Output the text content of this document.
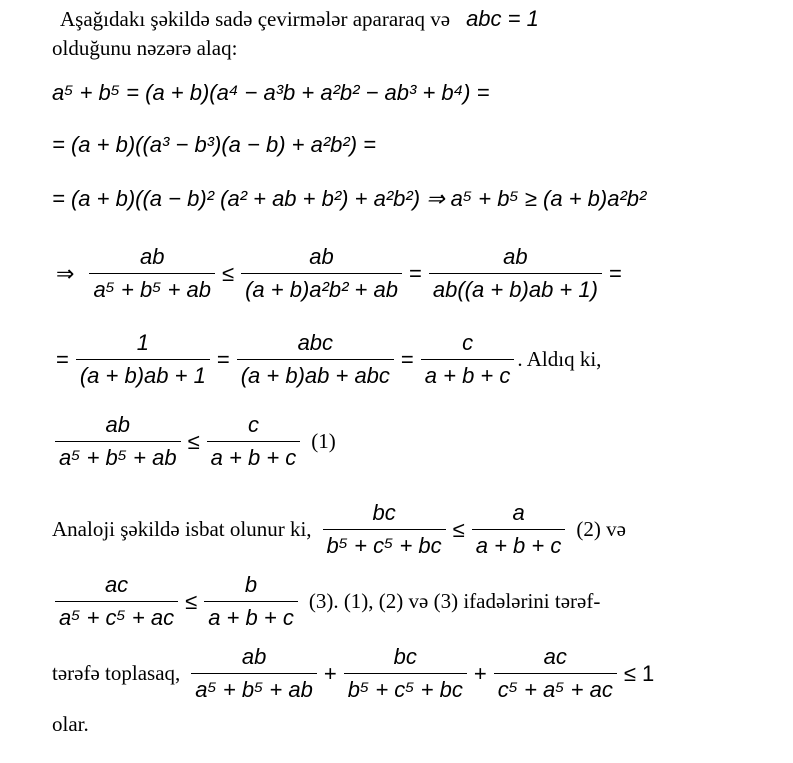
Aşağıdakı şəkildə sadə çevirmələr apararaq və abc = 1
olduğunu nəzərə alaq:
a⁵ + b⁵ = (a + b)(a⁴ − a³b + a²b² − ab³ + b⁴) =
= (a + b)((a³ − b³)(a − b) + a²b²) =
= (a + b)((a − b)² (a² + ab + b²) + a²b²) ⇒ a⁵ + b⁵ ≥ (a + b)a²b²
⇒ $\frac{ab}{\text{a⁵ + b⁵ + ab}} \le \frac{ab}{\text{(a + b)a²b² + ab}} = \frac{ab}{ab((a + b)ab + 1)}$ =
= $\frac{1}{(a + b)ab + 1} = \frac{\text{abc}}{\text{(a + b)ab + abc}} = \frac{c}{a + b + c}$ . Aldıq ki,
$\frac{ab}{\text{a⁵ + b⁵ + ab}} \le \frac{c}{a + b + c} (1)$
Analoji şəkildə isbat olunur ki, $\frac{bc}{\text{b⁵ + c⁵ + bc}} \le \frac{a}{a + b + c} (2)$ və
$\frac{ac}{\text{a⁵ + c⁵ + ac}} \le \frac{b}{a + b + c} (3)$. (1), (2) və (3) ifadələrini tərəf-
tərəfə toplasaq, $\frac{ab}{\text{a⁵ + b⁵ + ab}} + \frac{bc}{\text{b⁵ + c⁵ + bc}} + \frac{ac}{\text{c⁵ + a⁵ + ac}} \le 1$
olar.
